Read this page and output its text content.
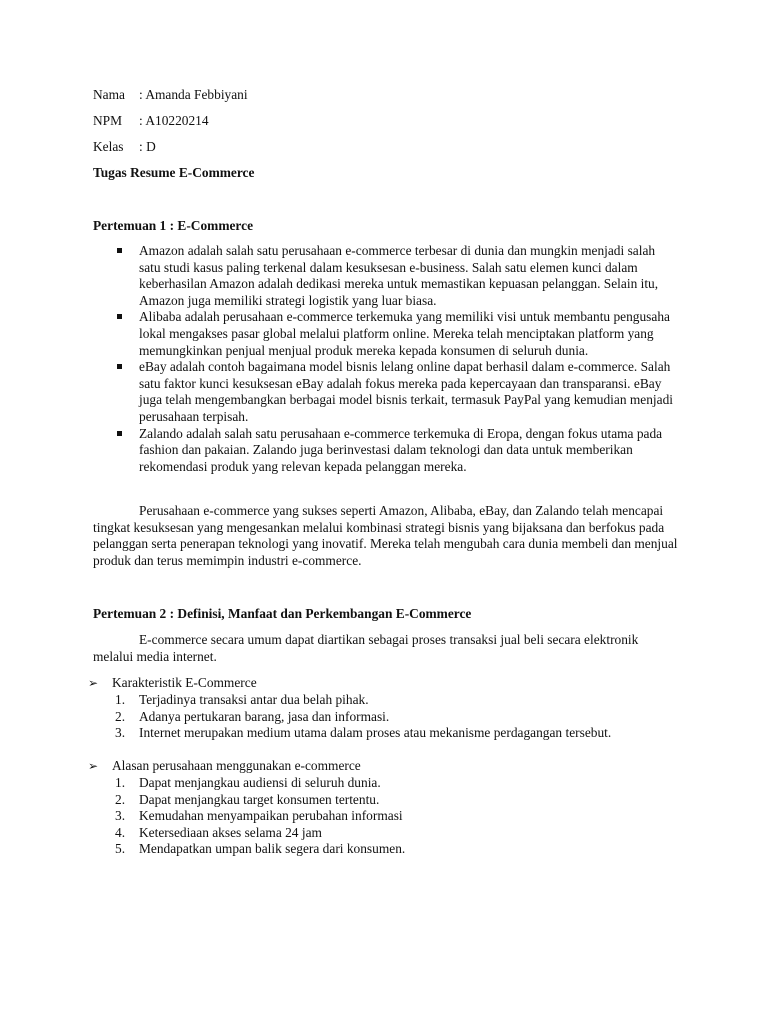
Nama : Amanda Febbiyani
NPM : A10220214
Kelas : D
Tugas Resume E-Commerce
Pertemuan 1 : E-Commerce
Amazon adalah salah satu perusahaan e-commerce terbesar di dunia dan mungkin menjadi salah satu studi kasus paling terkenal dalam kesuksesan e-business. Salah satu elemen kunci dalam keberhasilan Amazon adalah dedikasi mereka untuk memastikan kepuasan pelanggan. Selain itu, Amazon juga memiliki strategi logistik yang luar biasa.
Alibaba adalah perusahaan e-commerce terkemuka yang memiliki visi untuk membantu pengusaha lokal mengakses pasar global melalui platform online. Mereka telah menciptakan platform yang memungkinkan penjual menjual produk mereka kepada konsumen di seluruh dunia.
eBay adalah contoh bagaimana model bisnis lelang online dapat berhasil dalam e-commerce. Salah satu faktor kunci kesuksesan eBay adalah fokus mereka pada kepercayaan dan transparansi. eBay juga telah mengembangkan berbagai model bisnis terkait, termasuk PayPal yang kemudian menjadi perusahaan terpisah.
Zalando adalah salah satu perusahaan e-commerce terkemuka di Eropa, dengan fokus utama pada fashion dan pakaian. Zalando juga berinvestasi dalam teknologi dan data untuk memberikan rekomendasi produk yang relevan kepada pelanggan mereka.
Perusahaan e-commerce yang sukses seperti Amazon, Alibaba, eBay, dan Zalando telah mencapai tingkat kesuksesan yang mengesankan melalui kombinasi strategi bisnis yang bijaksana dan berfokus pada pelanggan serta penerapan teknologi yang inovatif. Mereka telah mengubah cara dunia membeli dan menjual produk dan terus memimpin industri e-commerce.
Pertemuan 2 : Definisi, Manfaat dan Perkembangan E-Commerce
E-commerce secara umum dapat diartikan sebagai proses transaksi jual beli secara elektronik melalui media internet.
➢ Karakteristik E-Commerce
1. Terjadinya transaksi antar dua belah pihak.
2. Adanya pertukaran barang, jasa dan informasi.
3. Internet merupakan medium utama dalam proses atau mekanisme perdagangan tersebut.
➢ Alasan perusahaan menggunakan e-commerce
1. Dapat menjangkau audiensi di seluruh dunia.
2. Dapat menjangkau target konsumen tertentu.
3. Kemudahan menyampaikan perubahan informasi
4. Ketersediaan akses selama 24 jam
5. Mendapatkan umpan balik segera dari konsumen.
